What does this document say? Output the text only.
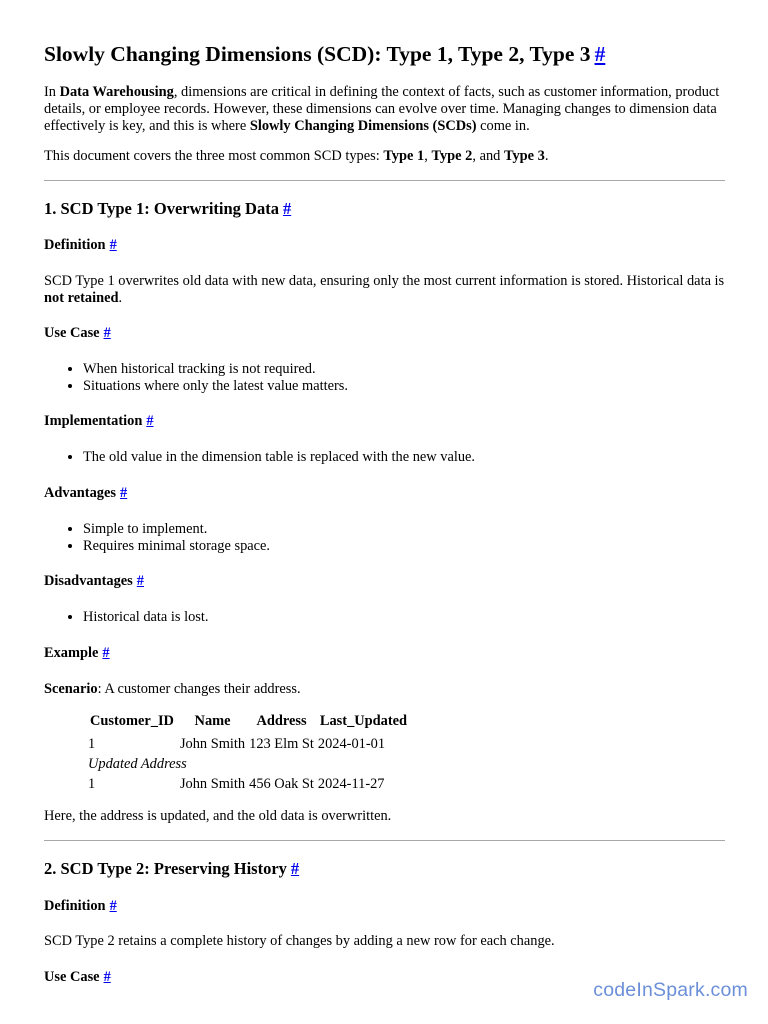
Slowly Changing Dimensions (SCD): Type 1, Type 2, Type 3 #

In Data Warehousing, dimensions are critical in defining the context of facts, such as customer information, product details, or employee records. However, these dimensions can evolve over time. Managing changes to dimension data effectively is key, and this is where Slowly Changing Dimensions (SCDs) come in.

This document covers the three most common SCD types: Type 1, Type 2, and Type 3.

1. SCD Type 1: Overwriting Data #
Definition #

SCD Type 1 overwrites old data with new data, ensuring only the most current information is stored. Historical data is not retained.

Use Case #
• When historical tracking is not required.
• Situations where only the latest value matters.
Implementation #
• The old value in the dimension table is replaced with the new value.
Advantages #
• Simple to implement.
• Requires minimal storage space.
Disadvantages #
• Historical data is lost.
Example #

Scenario: A customer changes their address.

Customer_ID	Name	Address	Last_Updated
1	John Smith	123 Elm St	2024-01-01
Updated Address			
1	John Smith	456 Oak St	2024-11-27

Here, the address is updated, and the old data is overwritten.

2. SCD Type 2: Preserving History #
Definition #

SCD Type 2 retains a complete history of changes by adding a new row for each change.

Use Case #
codeInSpark.com
